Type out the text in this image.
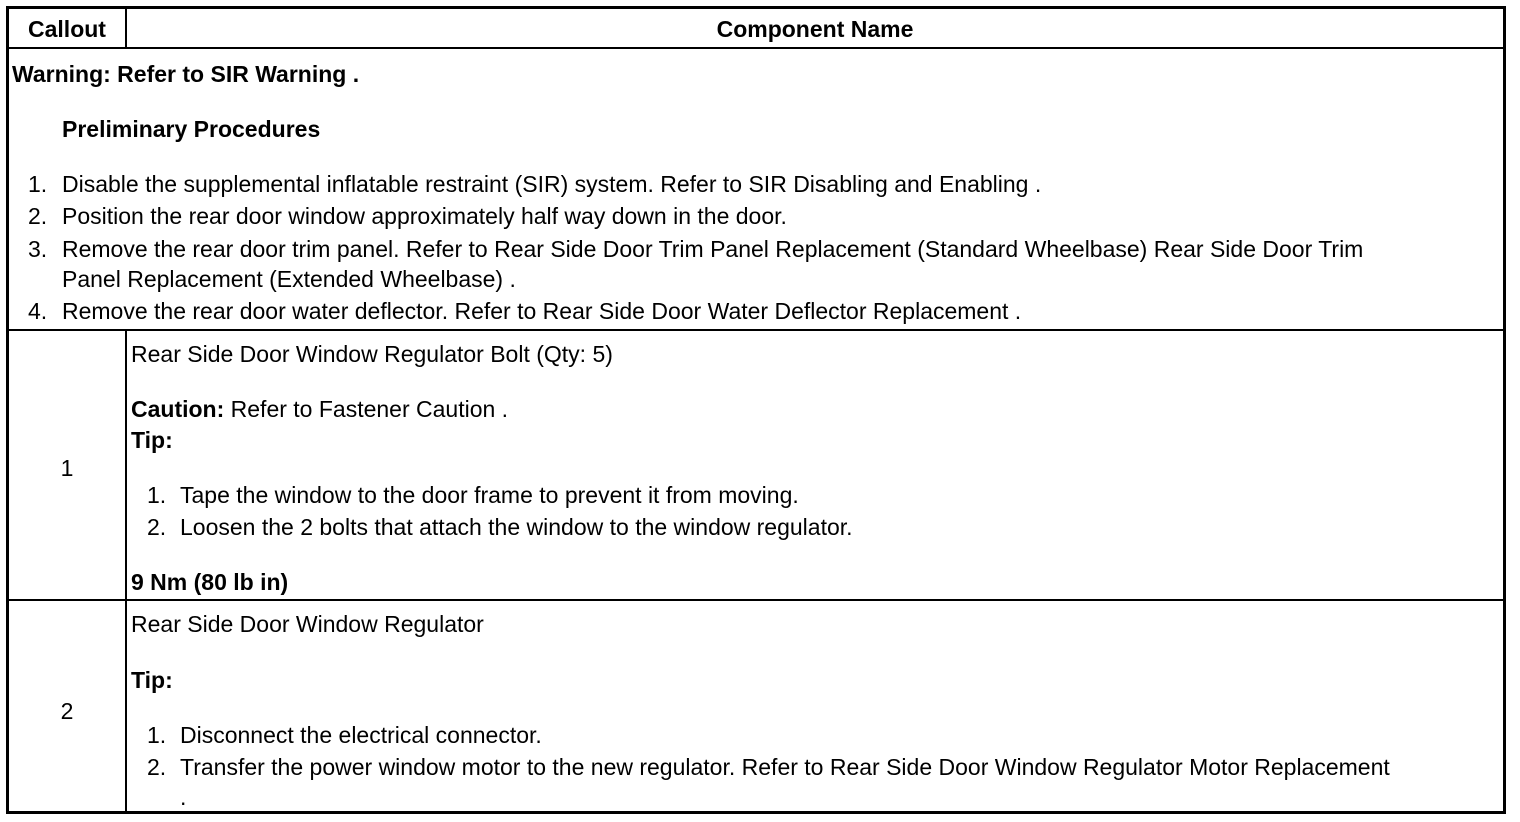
Callout	Component Name
Warning: Refer to SIR Warning .
Preliminary Procedures
1. Disable the supplemental inflatable restraint (SIR) system. Refer to SIR Disabling and Enabling .
2. Position the rear door window approximately half way down in the door.
3. Remove the rear door trim panel. Refer to Rear Side Door Trim Panel Replacement (Standard Wheelbase) Rear Side Door Trim
Panel Replacement (Extended Wheelbase) .
4. Remove the rear door water deflector. Refer to Rear Side Door Water Deflector Replacement .
1
Rear Side Door Window Regulator Bolt (Qty: 5)
Caution: Refer to Fastener Caution .
Tip:
1. Tape the window to the door frame to prevent it from moving.
2. Loosen the 2 bolts that attach the window to the window regulator.
9 Nm (80 lb in)
2
Rear Side Door Window Regulator
Tip:
1. Disconnect the electrical connector.
2. Transfer the power window motor to the new regulator. Refer to Rear Side Door Window Regulator Motor Replacement
.
